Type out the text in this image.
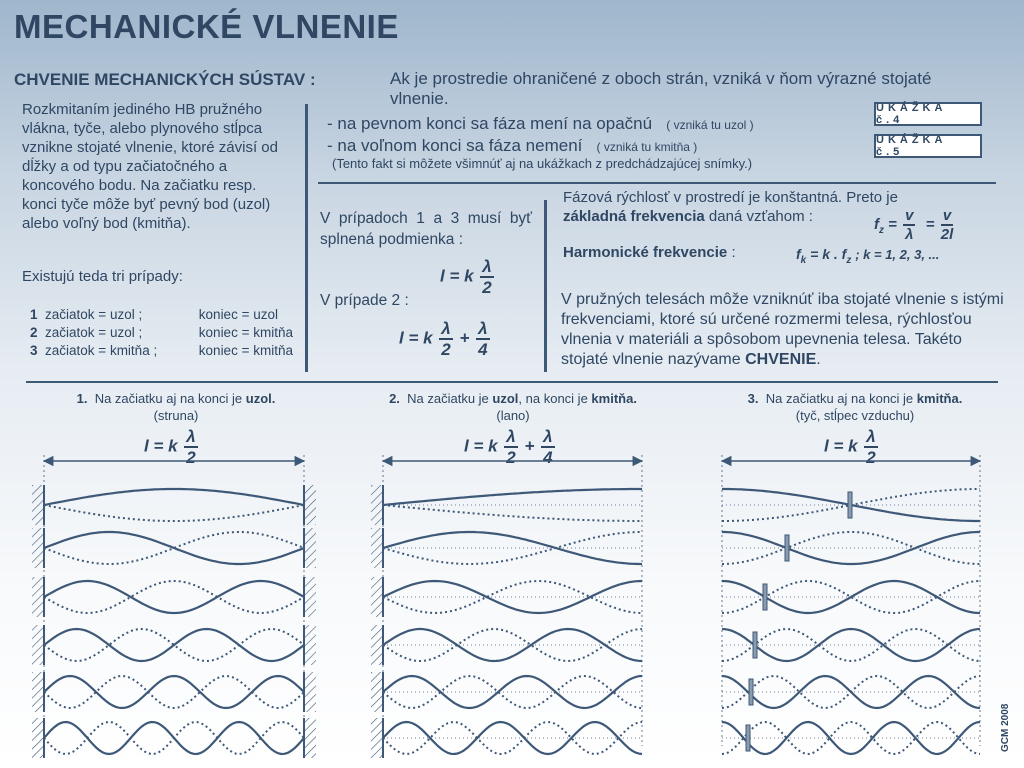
MECHANICKÉ VLNENIE
CHVENIE MECHANICKÝCH SÚSTAV :	Ak je prostredie ohraničené z oboch strán, vzniká v ňom výrazné stojaté vlnenie.
- na pevnom konci sa fáza mení na opačnú ( vzniká tu uzol )
- na voľnom konci sa fáza nemení ( vzniká tu kmitňa )
(Tento fakt si môžete všimnúť aj na ukážkach z predchádzajúcej snímky.)
UKÁŽKA č.4
UKÁŽKA č.5
Rozkmitaním jediného HB pružného vlákna, tyče, alebo plynového stĺpca vznikne stojaté vlnenie, ktoré závisí od dĺžky a od typu začiatočného a koncového bodu. Na začiatku resp. konci tyče môže byť pevný bod (uzol) alebo voľný bod (kmitňa).
Existujú teda tri prípady:
1 začiatok = uzol ;	koniec = uzol
2 začiatok = uzol ;	koniec = kmitňa
3 začiatok = kmitňa ;	koniec = kmitňa
V prípadoch 1 a 3 musí byť splnená podmienka :
l = k $\frac{\lambda}{2}$
V prípade 2 :
l = k $\frac{\lambda}{2} + \frac{\lambda}{4}$
Fázová rýchlosť v prostredí je konštantná. Preto je
základná frekvencia daná vzťahom :	$f_z = \frac{v}{\lambda} = \frac{v}{2l}$
Harmonické frekvencie :	$f_k = k$ . $f_z$ ; k = 1, 2, 3, ...
V pružných telesách môže vzniknúť iba stojaté vlnenie s istými frekvenciami, ktoré sú určené rozmermi telesa, rýchlosťou vlnenia v materiáli a spôsobom upevnenia telesa. Takéto stojaté vlnenie nazývame CHVENIE.
1. Na začiatku aj na konci je uzol.
(struna)
2. Na začiatku je uzol, na konci je kmitňa.
(lano)
3. Na začiatku aj na konci je kmitňa.
(tyč, stĺpec vzduchu)
l = k $\frac{\lambda}{2}$	l = k $\frac{\lambda}{2} + \frac{\lambda}{4}$	l = k $\frac{\lambda}{2}$
GCM 2008
